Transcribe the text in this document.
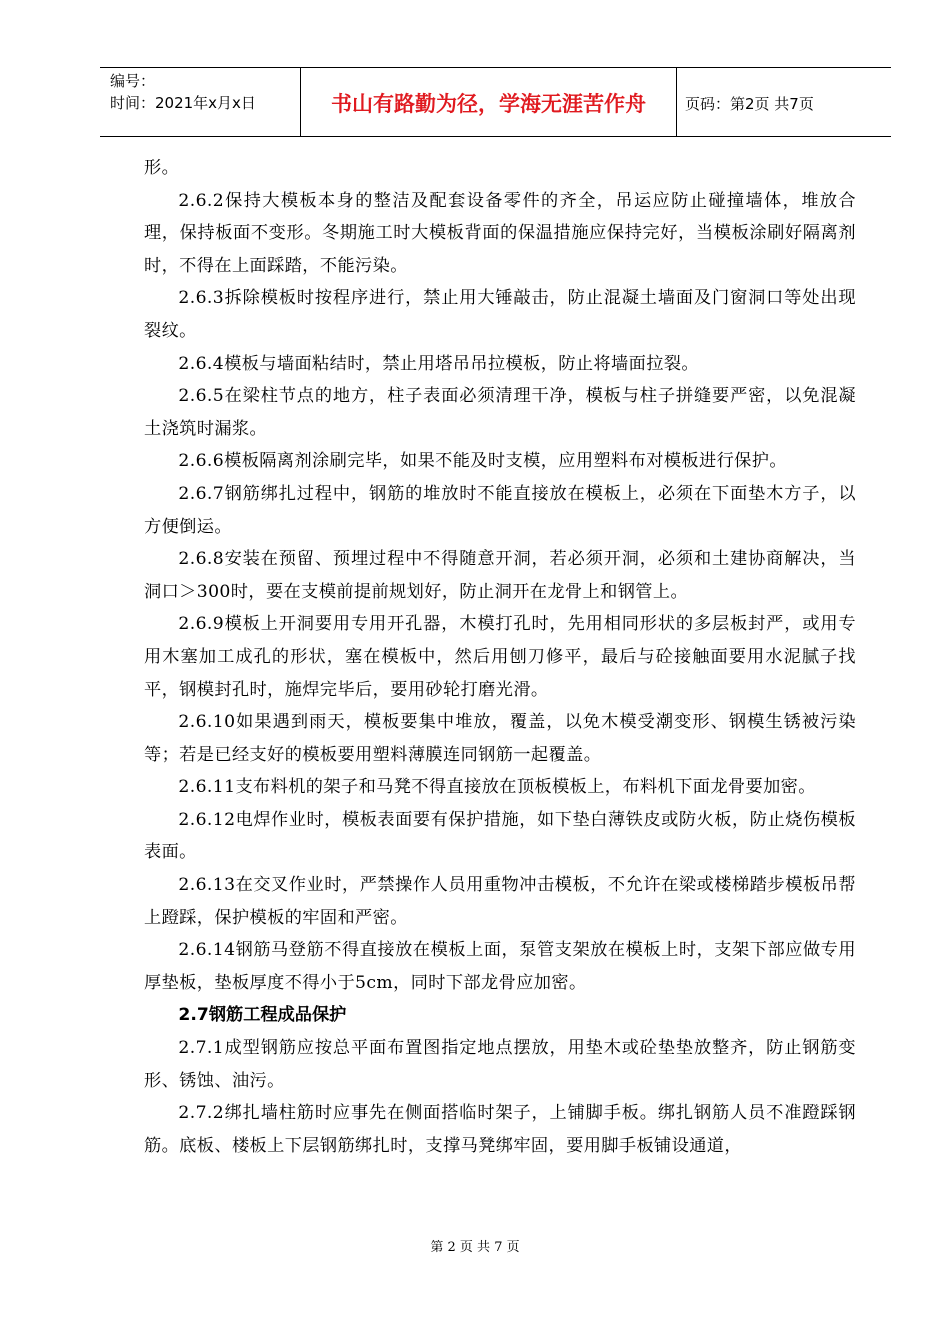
编号：
时间：2021年x月x日	书山有路勤为径，学海无涯苦作舟	页码：第2页 共7页

形。

2.6.2保持大模板本身的整洁及配套设备零件的齐全，吊运应防止碰撞墙体，堆放合理，保持板面不变形。冬期施工时大模板背面的保温措施应保持完好，当模板涂刷好隔离剂时，不得在上面踩踏，不能污染。

2.6.3拆除模板时按程序进行，禁止用大锤敲击，防止混凝土墙面及门窗洞口等处出现裂纹。

2.6.4模板与墙面粘结时，禁止用塔吊吊拉模板，防止将墙面拉裂。

2.6.5在梁柱节点的地方，柱子表面必须清理干净，模板与柱子拼缝要严密，以免混凝土浇筑时漏浆。

2.6.6模板隔离剂涂刷完毕，如果不能及时支模，应用塑料布对模板进行保护。

2.6.7钢筋绑扎过程中，钢筋的堆放时不能直接放在模板上，必须在下面垫木方子，以方便倒运。

2.6.8安装在预留、预埋过程中不得随意开洞，若必须开洞，必须和土建协商解决，当洞口＞300时，要在支模前提前规划好，防止洞开在龙骨上和钢管上。

2.6.9模板上开洞要用专用开孔器，木模打孔时，先用相同形状的多层板封严，或用专用木塞加工成孔的形状，塞在模板中，然后用刨刀修平，最后与砼接触面要用水泥腻子找平，钢模封孔时，施焊完毕后，要用砂轮打磨光滑。

2.6.10如果遇到雨天，模板要集中堆放，覆盖，以免木模受潮变形、钢模生锈被污染等；若是已经支好的模板要用塑料薄膜连同钢筋一起覆盖。

2.6.11支布料机的架子和马凳不得直接放在顶板模板上，布料机下面龙骨要加密。

2.6.12电焊作业时，模板表面要有保护措施，如下垫白薄铁皮或防火板，防止烧伤模板表面。

2.6.13在交叉作业时，严禁操作人员用重物冲击模板，不允许在梁或楼梯踏步模板吊帮上蹬踩，保护模板的牢固和严密。

2.6.14钢筋马登筋不得直接放在模板上面，泵管支架放在模板上时，支架下部应做专用厚垫板，垫板厚度不得小于5cm，同时下部龙骨应加密。

2.7钢筋工程成品保护

2.7.1成型钢筋应按总平面布置图指定地点摆放，用垫木或砼垫垫放整齐，防止钢筋变形、锈蚀、油污。

2.7.2绑扎墙柱筋时应事先在侧面搭临时架子，上铺脚手板。绑扎钢筋人员不准蹬踩钢筋。底板、楼板上下层钢筋绑扎时，支撑马凳绑牢固，要用脚手板铺设通道，

第 2 页 共 7 页
